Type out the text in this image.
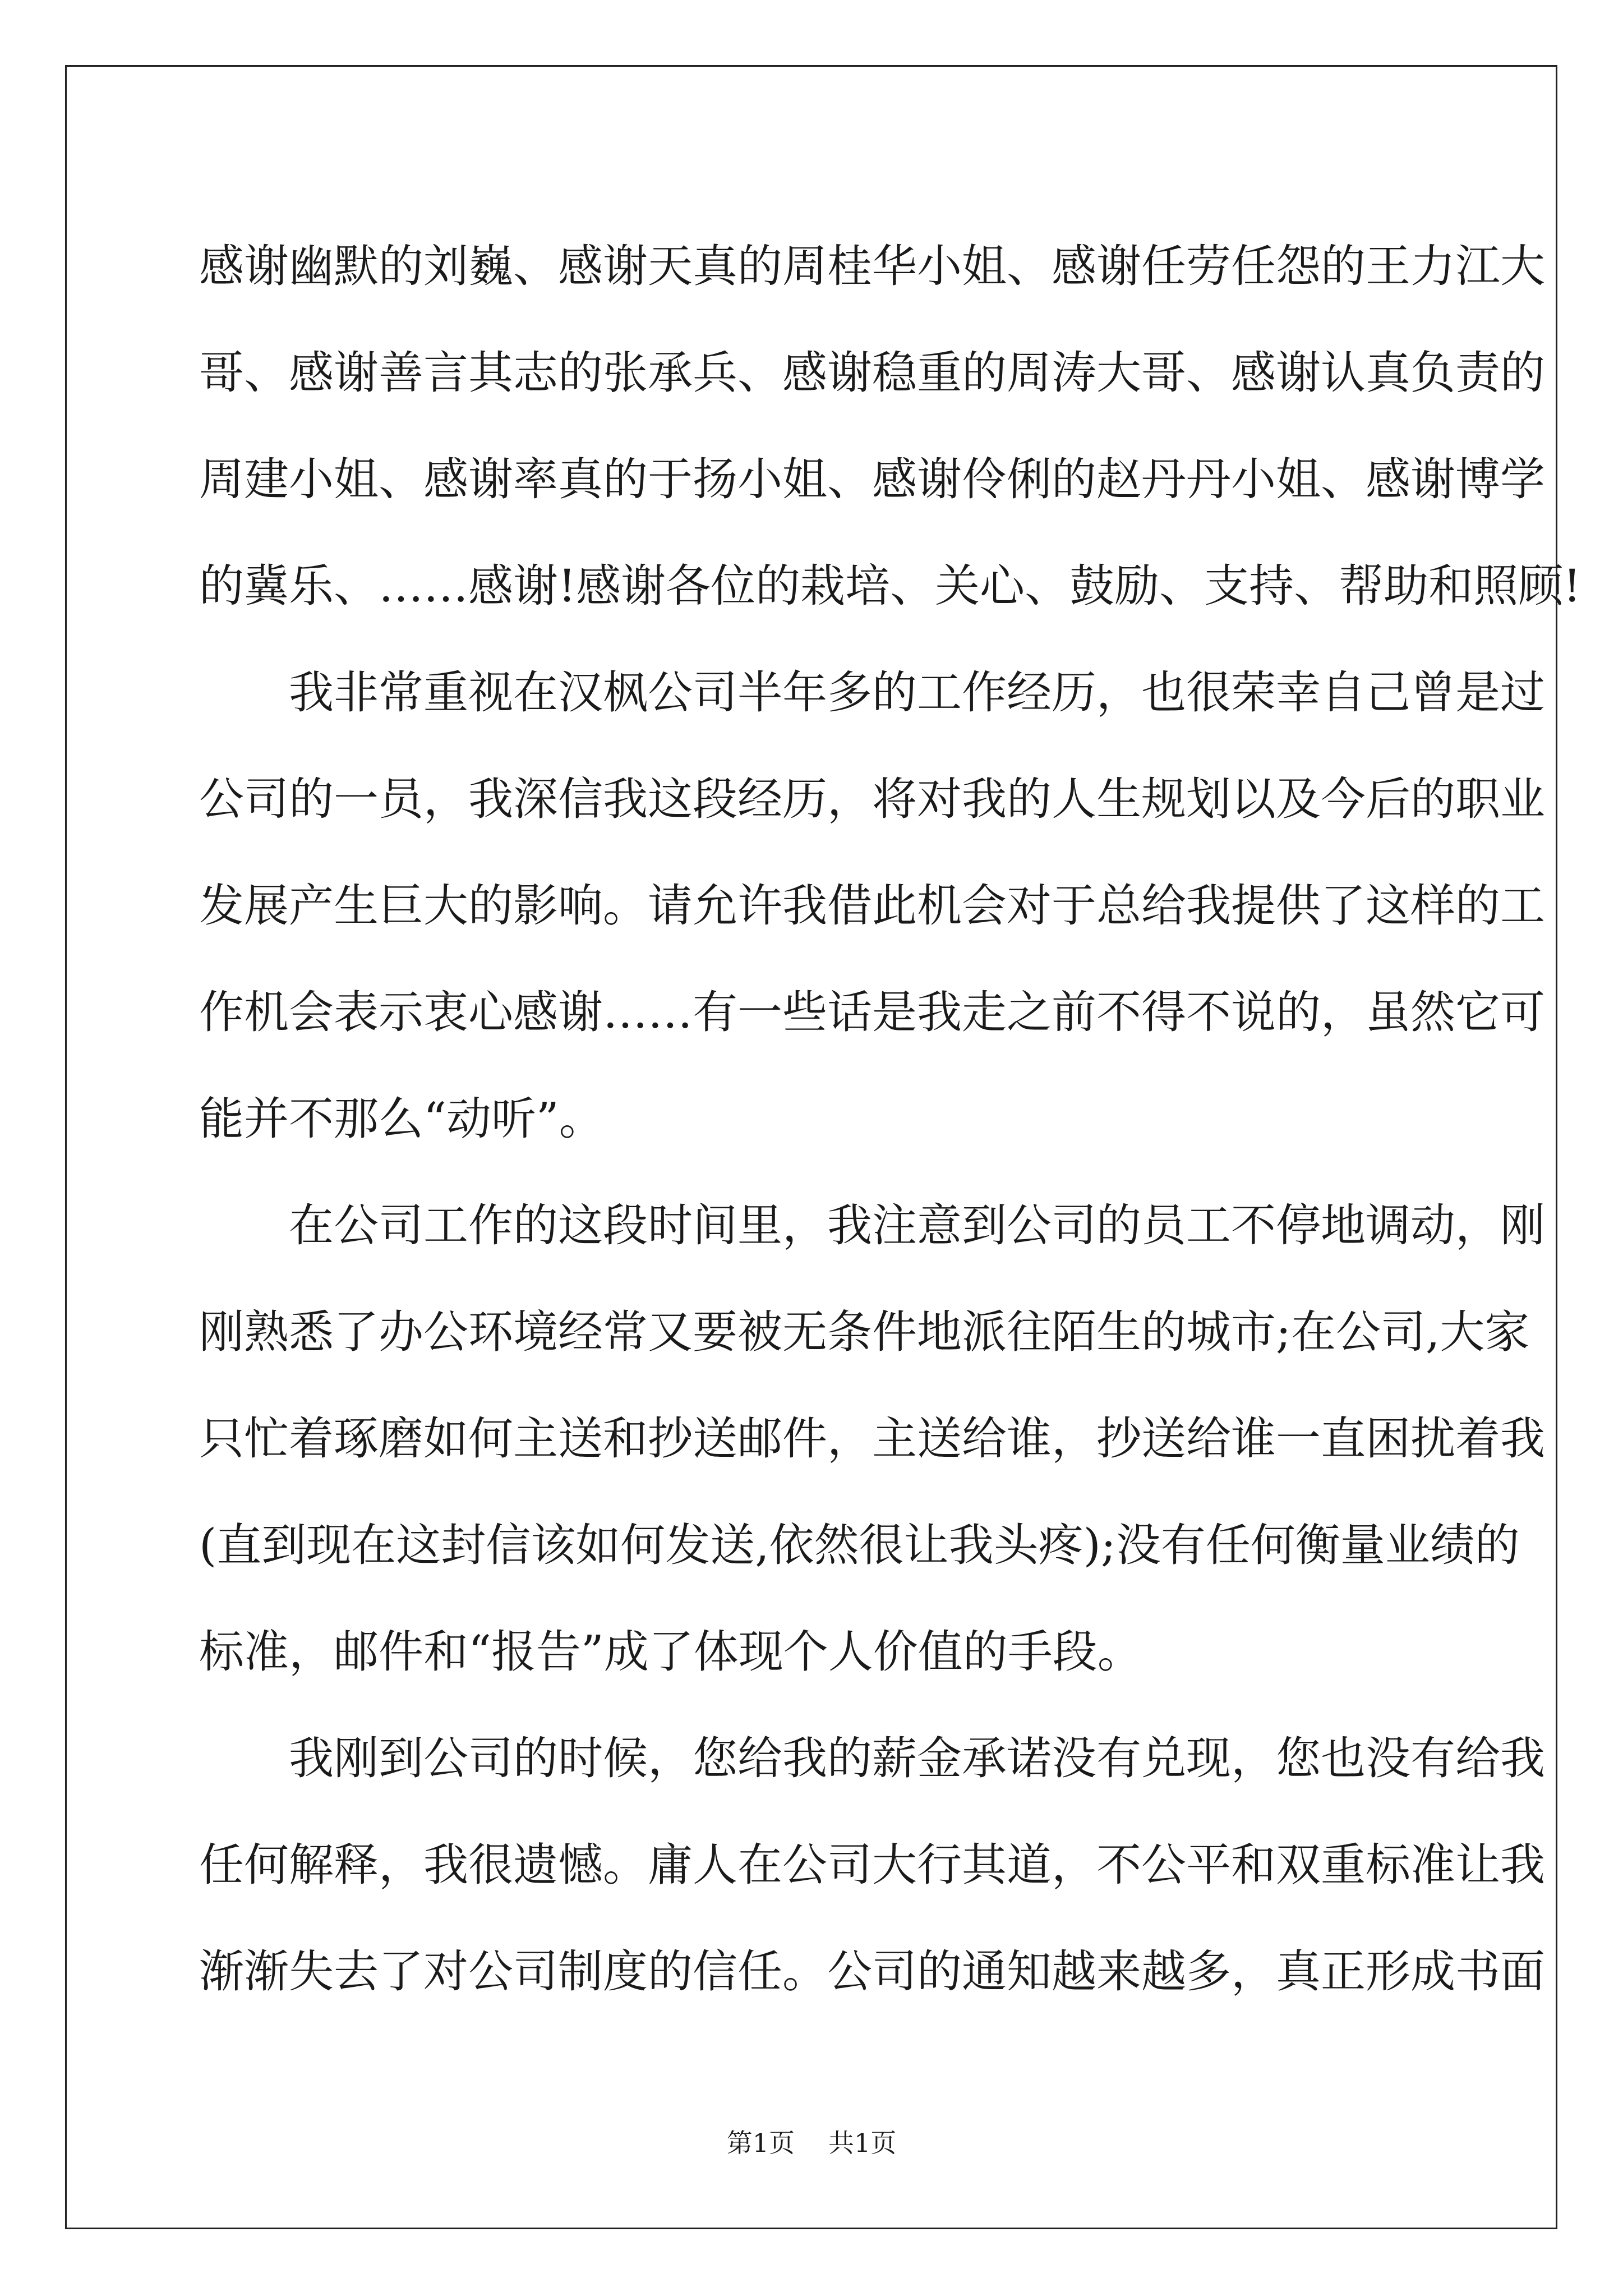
感谢幽默的刘巍、感谢天真的周桂华小姐、感谢任劳任怨的王力江大
哥、感谢善言其志的张承兵、感谢稳重的周涛大哥、感谢认真负责的
周建小姐、感谢率真的于扬小姐、感谢伶俐的赵丹丹小姐、感谢博学
的冀乐、……感谢!感谢各位的栽培、关心、鼓励、支持、帮助和照顾!
我非常重视在汉枫公司半年多的工作经历，也很荣幸自己曾是过
公司的一员，我深信我这段经历，将对我的人生规划以及今后的职业
发展产生巨大的影响。请允许我借此机会对于总给我提供了这样的工
作机会表示衷心感谢……有一些话是我走之前不得不说的，虽然它可
能并不那么“动听”。
在公司工作的这段时间里，我注意到公司的员工不停地调动，刚
刚熟悉了办公环境经常又要被无条件地派往陌生的城市;在公司,大家
只忙着琢磨如何主送和抄送邮件，主送给谁，抄送给谁一直困扰着我
(直到现在这封信该如何发送,依然很让我头疼);没有任何衡量业绩的
标准，邮件和“报告”成了体现个人价值的手段。
我刚到公司的时候，您给我的薪金承诺没有兑现，您也没有给我
任何解释，我很遗憾。庸人在公司大行其道，不公平和双重标准让我
渐渐失去了对公司制度的信任。公司的通知越来越多，真正形成书面
第1页 共1页
